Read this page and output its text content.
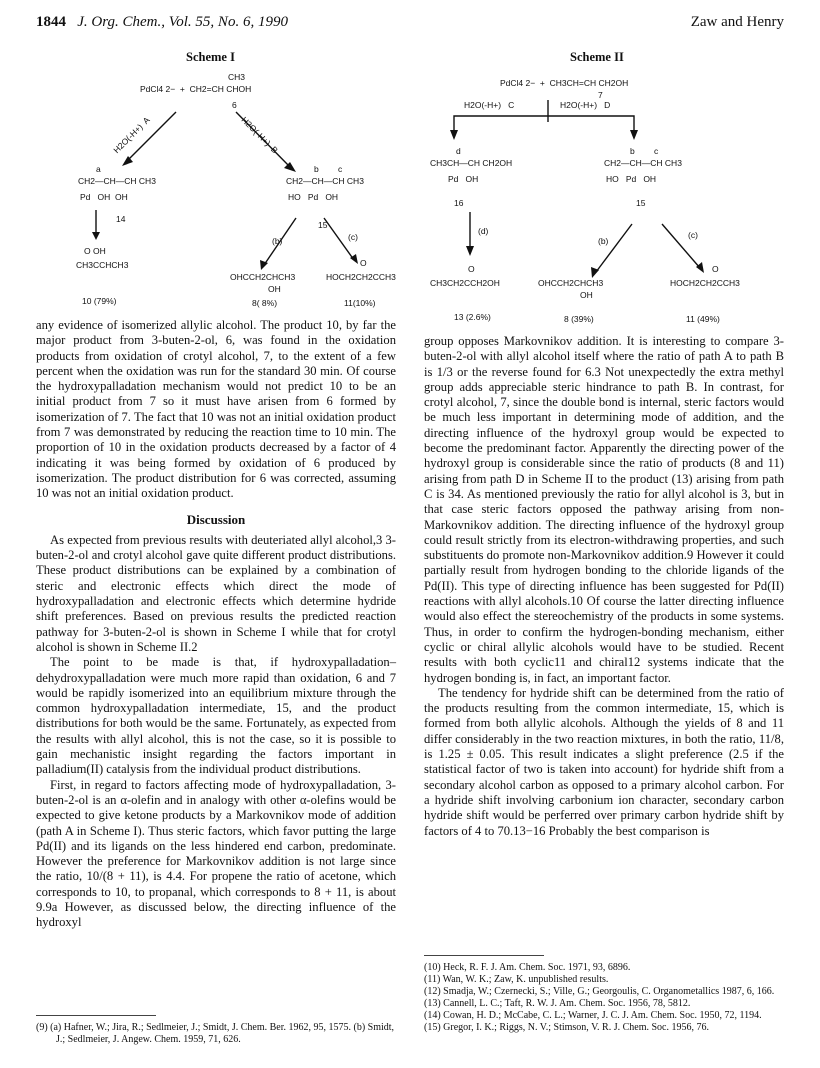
1844 J. Org. Chem., Vol. 55, No. 6, 1990	Zaw and Henry
Scheme I
CH3
PdCl4 2−  +  CH2=CH CHOH
6
H2O(-H+)  A	H2O(-H+)  B
a
CH2—CH—CH CH3
Pd   OH  OH
14
b c
CH2—CH—CH CH3
HO   Pd   OH
15
(b)	(c)
O OH
CH3CCHCH3
10 (79%)
OHCCH2CHCH3
OH
8( 8%)
O
HOCH2CH2CCH3
11(10%)
Scheme II
PdCl4 2−  +  CH3CH=CH CH2OH
7
H2O(-H+)   C	H2O(-H+)   D
d
CH3CH—CH CH2OH
Pd   OH
16
b c
CH2—CH—CH CH3
HO   Pd   OH
15
(d)
(b)
(c)
O
CH3CH2CCH2OH
13 (2.6%)
OHCCH2CHCH3
OH
8 (39%)
O
HOCH2CH2CCH3
11 (49%)

any evidence of isomerized allylic alcohol. The product 10, by far the major product from 3-buten-2-ol, 6, was found in the oxidation products from oxidation of crotyl alcohol, 7, to the extent of a few percent when the oxidation was run for the standard 30 min. Of course the hydroxypalladation mechanism would not predict 10 to be an initial product from 7 so it must have arisen from 6 formed by isomerization of 7. The fact that 10 was not an initial oxidation product from 7 was demonstrated by reducing the reaction time to 10 min. The proportion of 10 in the oxidation products decreased by a factor of 4 indicating it was being formed by oxidation of 6 produced by isomerization. The product distribution for 6 was corrected, assuming 10 was not an initial oxidation product.

Discussion

As expected from previous results with deuteriated allyl alcohol,3 3-buten-2-ol and crotyl alcohol gave quite different product distributions. These product distributions can be explained by a combination of steric and electronic effects which direct the mode of hydroxypalladation and electronic effects which determine hydride shift preferences. Based on previous results the predicted reaction pathway for 3-buten-2-ol is shown in Scheme I while that for crotyl alcohol is shown in Scheme II.2

The point to be made is that, if hydroxypalladation–dehydroxypalladation were much more rapid than oxidation, 6 and 7 would be rapidly isomerized into an equilibrium mixture through the common hydroxypalladation intermediate, 15, and the product distributions for both would be the same. Fortunately, as expected from the results with allyl alcohol, this is not the case, so it is possible to gain mechanistic insight regarding the factors important in palladium(II) catalysis from the individual product distributions.

First, in regard to factors affecting mode of hydroxypalladation, 3-buten-2-ol is an α-olefin and in analogy with other α-olefins would be expected to give ketone products by a Markovnikov mode of addition (path A in Scheme I). Thus steric factors, which favor putting the large Pd(II) and its ligands on the less hindered end carbon, predominate. However the preference for Markovnikov addition is not large since the ratio, 10/(8 + 11), is 4.4. For propene the ratio of acetone, which corresponds to 10, to propanal, which corresponds to 8 + 11, is about 9.9a However, as discussed below, the directing influence of the hydroxyl

(9) (a) Hafner, W.; Jira, R.; Sedlmeier, J.; Smidt, J. Chem. Ber. 1962, 95, 1575. (b) Smidt, J.; Sedlmeier, J. Angew. Chem. 1959, 71, 626.

group opposes Markovnikov addition. It is interesting to compare 3-buten-2-ol with allyl alcohol itself where the ratio of path A to path B is 1/3 or the reverse found for 6.3 Not unexpectedly the extra methyl group adds appreciable steric hindrance to path B. In contrast, for crotyl alcohol, 7, since the double bond is internal, steric factors would be much less important in determining mode of addition, and the directing influence of the hydroxyl group would be expected to become the predominant factor. Apparently the directing power of the hydroxyl group is considerable since the ratio of products (8 and 11) arising from path D in Scheme II to the product (13) arising from path C is 34. As mentioned previously the ratio for allyl alcohol is 3, but in that case steric factors opposed the pathway arising from non-Markovnikov addition. The directing influence of the hydroxyl group could result strictly from its electron-withdrawing properties, and such substituents do promote non-Markovnikov addition.9 However it could partially result from hydrogen bonding to the chloride ligands of the Pd(II). This type of directing influence has been suggested for Pd(II) reactions with allyl alcohols.10 Of course the latter directing influence would also effect the stereochemistry of the products in some systems. Thus, in order to confirm the hydrogen-bonding mechanism, either cyclic or chiral allylic alcohols would have to be studied. Recent results with both cyclic11 and chiral12 systems indicate that the hydrogen bonding is, in fact, an important factor.

The tendency for hydride shift can be determined from the ratio of the products resulting from the common intermediate, 15, which is formed from both allylic alcohols. Although the yields of 8 and 11 differ considerably in the two reaction mixtures, in both the ratio, 11/8, is 1.25 ± 0.05. This result indicates a slight preference (2.5 if the statistical factor of two is taken into account) for hydride shift from a secondary alcohol carbon as opposed to a primary alcohol carbon. For a hydride shift involving carbonium ion character, secondary carbon hydride shift would be perferred over primary carbon hydride shift by factors of 4 to 70.13−16 Probably the best comparison is

(10) Heck, R. F. J. Am. Chem. Soc. 1971, 93, 6896.
(11) Wan, W. K.; Zaw, K. unpublished results.
(12) Smadja, W.; Czernecki, S.; Ville, G.; Georgoulis, C. Organometallics 1987, 6, 166.
(13) Cannell, L. C.; Taft, R. W. J. Am. Chem. Soc. 1956, 78, 5812.
(14) Cowan, H. D.; McCabe, C. L.; Warner, J. C. J. Am. Chem. Soc. 1950, 72, 1194.
(15) Gregor, I. K.; Riggs, N. V.; Stimson, V. R. J. Chem. Soc. 1956, 76.
